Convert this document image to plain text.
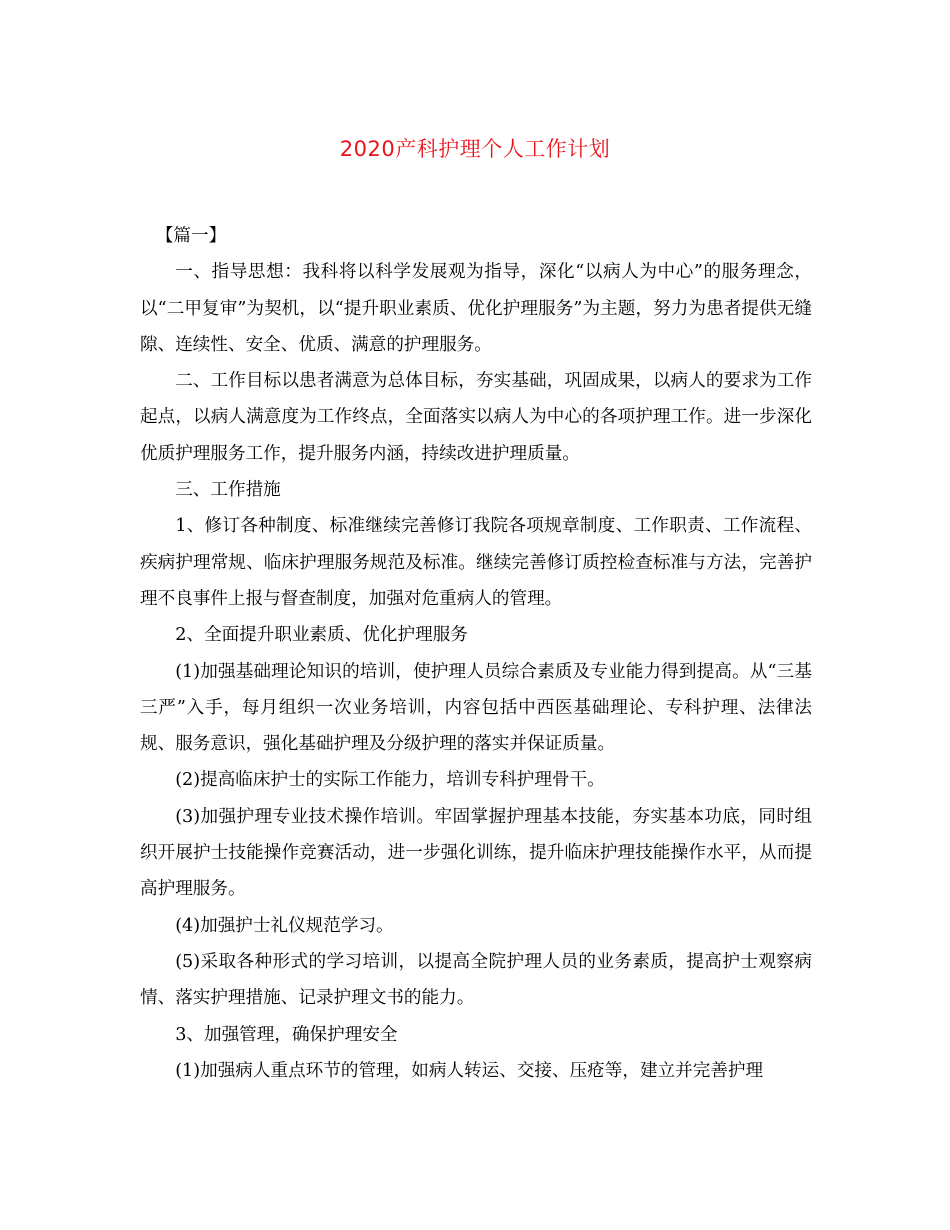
2020产科护理个人工作计划

【篇一】

一、指导思想：我科将以科学发展观为指导，深化“以病人为中心”的服务理念，以“二甲复审”为契机，以“提升职业素质、优化护理服务”为主题，努力为患者提供无缝隙、连续性、安全、优质、满意的护理服务。

二、工作目标以患者满意为总体目标，夯实基础，巩固成果，以病人的要求为工作起点，以病人满意度为工作终点，全面落实以病人为中心的各项护理工作。进一步深化优质护理服务工作，提升服务内涵，持续改进护理质量。

三、工作措施

1、修订各种制度、标准继续完善修订我院各项规章制度、工作职责、工作流程、疾病护理常规、临床护理服务规范及标准。继续完善修订质控检查标准与方法，完善护理不良事件上报与督查制度，加强对危重病人的管理。

2、全面提升职业素质、优化护理服务

(1)加强基础理论知识的培训，使护理人员综合素质及专业能力得到提高。从“三基三严”入手，每月组织一次业务培训，内容包括中西医基础理论、专科护理、法律法规、服务意识，强化基础护理及分级护理的落实并保证质量。

(2)提高临床护士的实际工作能力，培训专科护理骨干。

(3)加强护理专业技术操作培训。牢固掌握护理基本技能，夯实基本功底，同时组织开展护士技能操作竞赛活动，进一步强化训练，提升临床护理技能操作水平，从而提高护理服务。

(4)加强护士礼仪规范学习。

(5)采取各种形式的学习培训，以提高全院护理人员的业务素质，提高护士观察病情、落实护理措施、记录护理文书的能力。

3、加强管理，确保护理安全

(1)加强病人重点环节的管理，如病人转运、交接、压疮等，建立并完善护理
